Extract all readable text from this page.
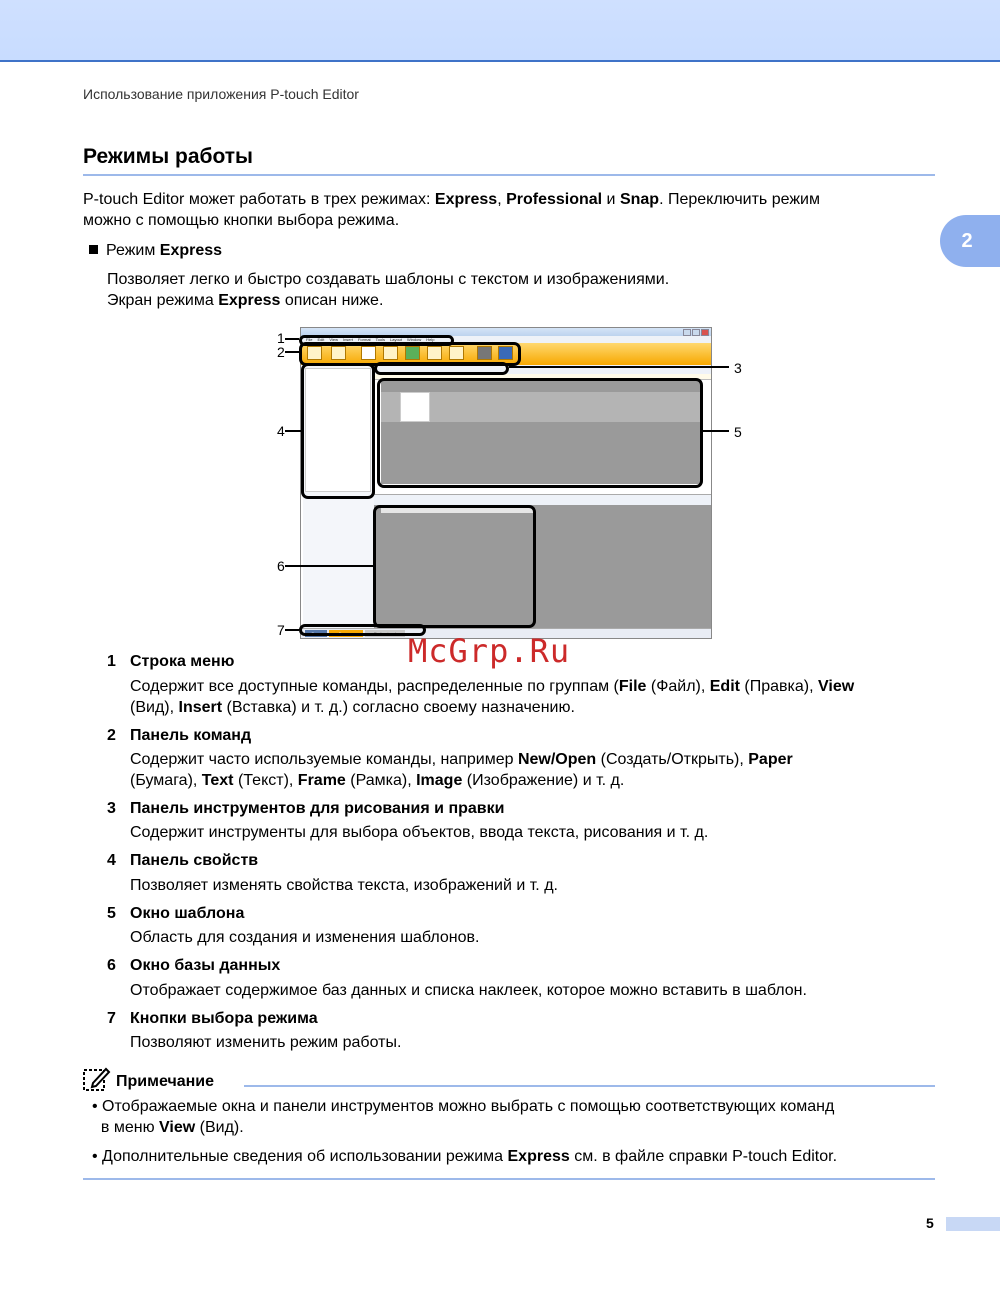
Использование приложения P-touch Editor
Режимы работы
2
P-touch Editor может работать в трех режимах: Express, Professional и Snap. Переключить режим
можно с помощью кнопки выбора режима.
Режим Express
Позволяет легко и быстро создавать шаблоны с текстом и изображениями.
Экран режима Express описан ниже.
File Edit View Insert Format Tools Layout Window Help
Snap	Express	Professional
1
2
3
4	5
6
7
McGrp.Ru
1 Строка меню
Содержит все доступные команды, распределенные по группам (File (Файл), Edit (Правка), View
(Вид), Insert (Вставка) и т. д.) согласно своему назначению.
2 Панель команд
Содержит часто используемые команды, например New/Open (Создать/Открыть), Paper
(Бумага), Text (Текст), Frame (Рамка), Image (Изображение) и т. д.
3 Панель инструментов для рисования и правки
Содержит инструменты для выбора объектов, ввода текста, рисования и т. д.
4 Панель свойств
Позволяет изменять свойства текста, изображений и т. д.
5 Окно шаблона
Область для создания и изменения шаблонов.
6 Окно базы данных
Отображает содержимое баз данных и списка наклеек, которое можно вставить в шаблон.
7 Кнопки выбора режима
Позволяют изменить режим работы.
Примечание
• Отображаемые окна и панели инструментов можно выбрать с помощью соответствующих команд
в меню View (Вид).
• Дополнительные сведения об использовании режима Express см. в файле справки P-touch Editor.
5
